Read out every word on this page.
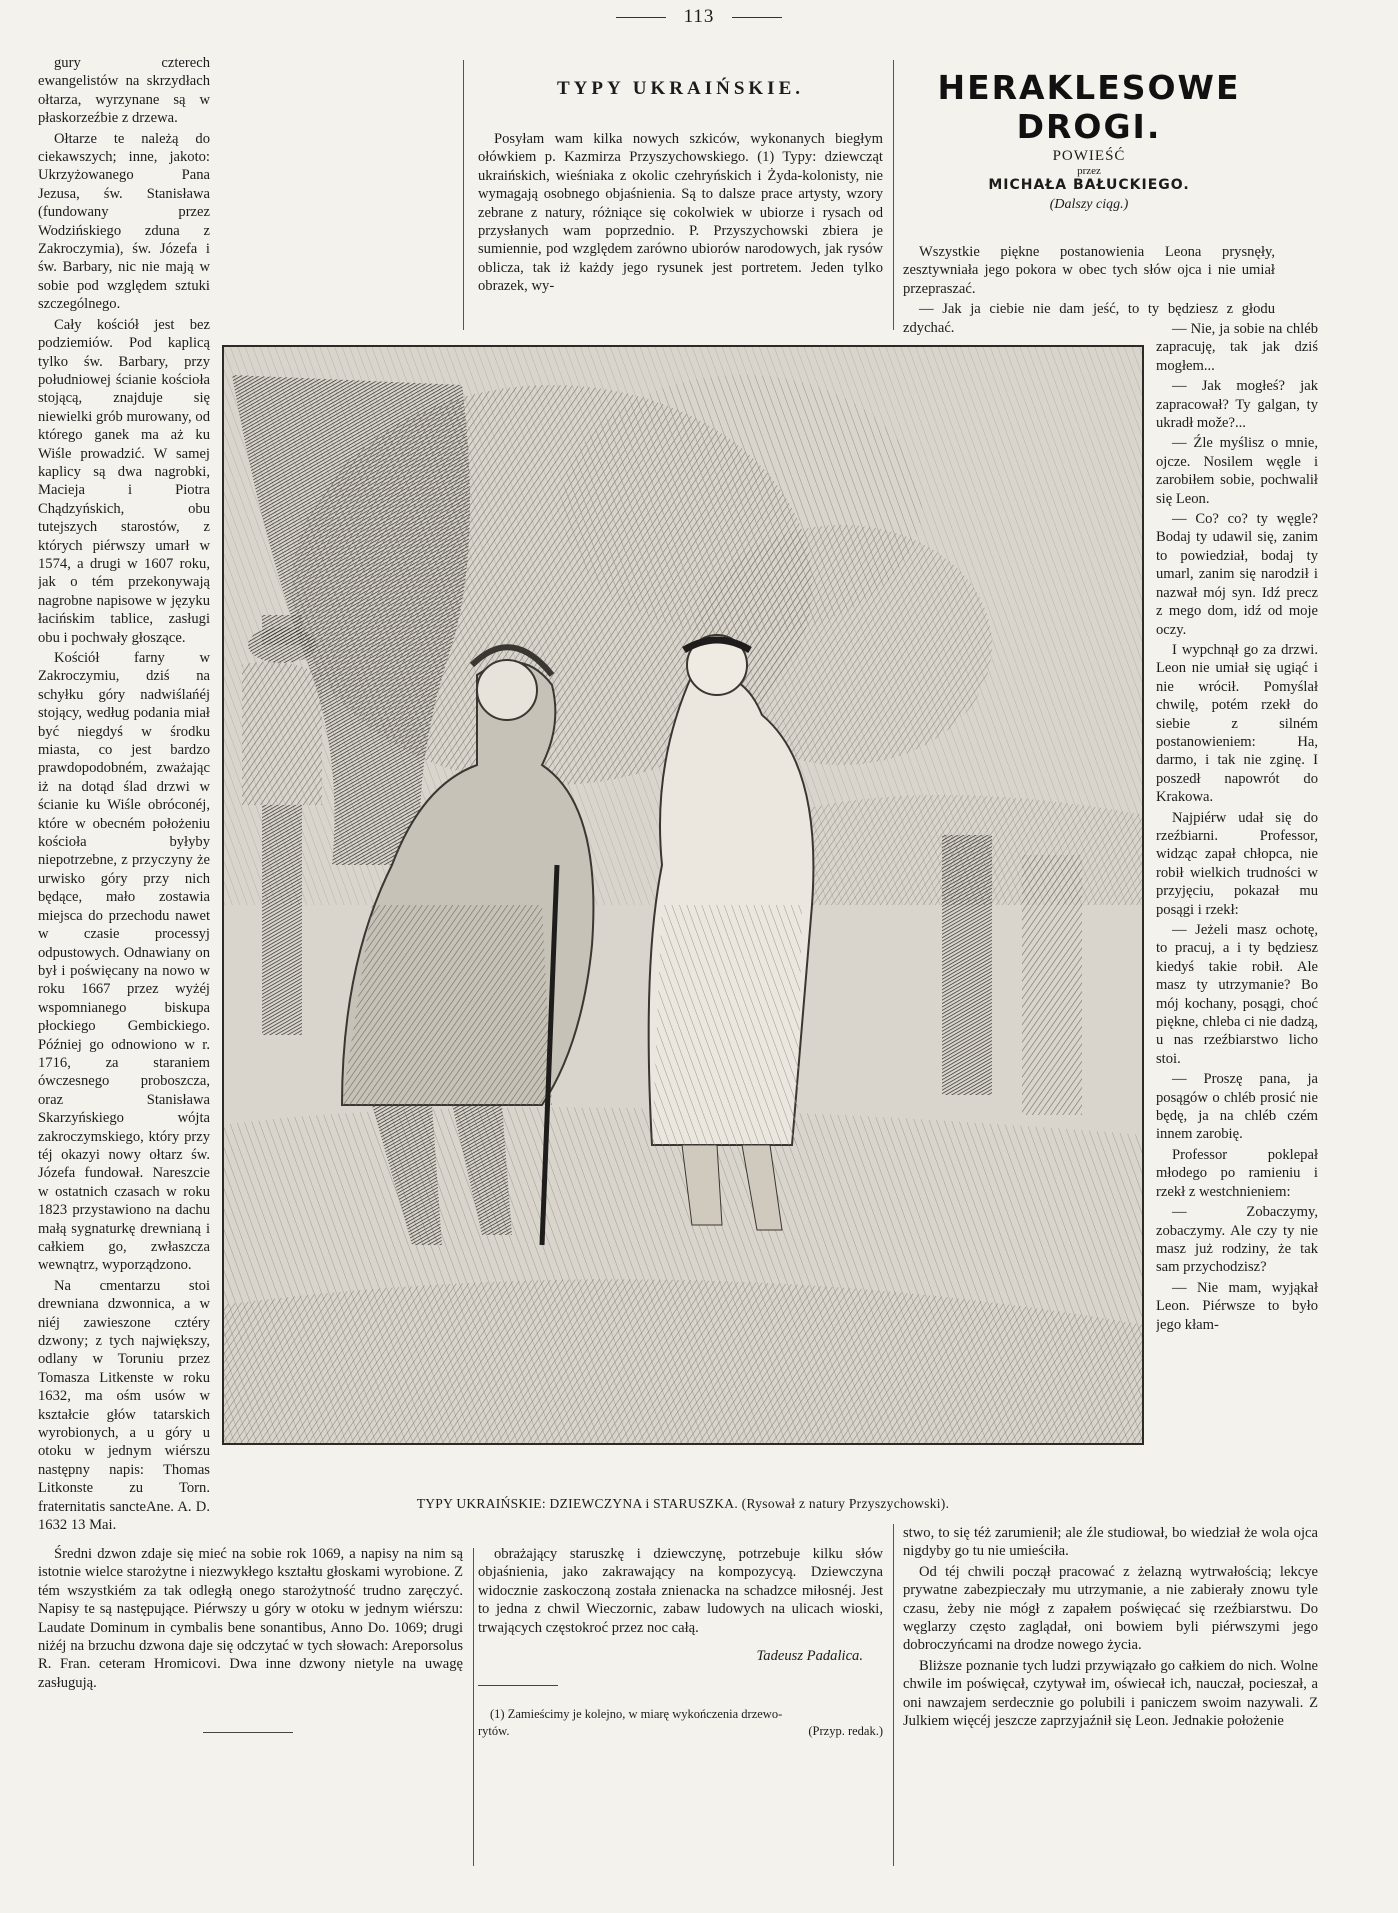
113

gury czterech ewangelistów na skrzydłach ołtarza, wyrzynane są w płaskorzeźbie z drzewa.

Ołtarze te należą do ciekawszych; inne, jakoto: Ukrzyżowanego Pana Jezusa, św. Stanisława (fundowany przez Wodzińskiego zduna z Zakroczymia), św. Józefa i św. Barbary, nic nie mają w sobie pod względem sztuki szczególnego.

Cały kościół jest bez podziemiów. Pod kaplicą tylko św. Barbary, przy południowej ścianie kościoła stojącą, znajduje się niewielki grób murowany, od którego ganek ma aż ku Wiśle prowadzić. W samej kaplicy są dwa nagrobki, Macieja i Piotra Chądzyńskich, obu tutejszych starostów, z których piérwszy umarł w 1574, a drugi w 1607 roku, jak o tém przekonywają nagrobne napisowe w języku łacińskim tablice, zasługi obu i pochwały głoszące.

Kościół farny w Zakroczymiu, dziś na schyłku góry nadwiślańéj stojący, według podania miał być niegdyś w środku miasta, co jest bardzo prawdopodobném, zważając iż na dotąd ślad drzwi w ścianie ku Wiśle obróconéj, które w obecném położeniu kościoła byłyby niepotrzebne, z przyczyny że urwisko góry przy nich będące, mało zostawia miejsca do przechodu nawet w czasie processyj odpustowych. Odnawiany on był i poświęcany na nowo w roku 1667 przez wyżéj wspomnianego biskupa płockiego Gembickiego. Później go odnowiono w r. 1716, za staraniem ówczesnego proboszcza, oraz Stanisława Skarzyńskiego wójta zakroczymskiego, który przy téj okazyi nowy ołtarz św. Józefa fundował. Nareszcie w ostatnich czasach w roku 1823 przystawiono na dachu małą sygnaturkę drewnianą i całkiem go, zwłaszcza wewnątrz, wyporządzono.

Na cmentarzu stoi drewniana dzwonnica, a w niéj zawieszone cztéry dzwony; z tych największy, odlany w Toruniu przez Tomasza Litkenste w roku 1632, ma ośm usów w kształcie głów tatarskich wyrobionych, a u góry u otoku w jednym wiérszu następny napis: Thomas Litkonste zu Torn. fraternitatis sancteAne. A. D. 1632 13 Mai.

TYPY UKRAIŃSKIE.

Posyłam wam kilka nowych szkiców, wykonanych biegłym ołówkiem p. Kazmirza Przyszychowskiego. (1) Typy: dziewcząt ukraińskich, wieśniaka z okolic czehryńskich i Żyda-kolonisty, nie wymagają osobnego objaśnienia. Są to dalsze prace artysty, wzory zebrane z natury, różniące się cokolwiek w ubiorze i rysach od przysłanych wam poprzednio. P. Przyszychowski zbiera je sumiennie, pod względem zarówno ubiorów narodowych, jak rysów oblicza, tak iż każdy jego rysunek jest portretem. Jeden tylko obrazek, wy-

HERAKLESOWE DROGI.
POWIEŚĆ
przez
MICHAŁA BAŁUCKIEGO.
(Dalszy ciąg.)

Wszystkie piękne postanowienia Leona prysnęły, zesztywniała jego pokora w obec tych słów ojca i nie umiał przepraszać.

— Jak ja ciebie nie dam jeść, to ty będziesz z głodu zdychać.	— Nie, ja sobie na chléb zapracuję, tak jak dziś mogłem...

— Jak mogłeś? jak zapracował? Ty galgan, ty ukradł može?...

— Źle myślisz o mnie, ojcze. Nosilem węgle i zarobiłem sobie, pochwalił się Leon.

— Co? co? ty węgle? Bodaj ty udawil się, zanim to powiedział, bodaj ty umarl, zanim się narodził i nazwał mój syn. Idź precz z mego dom, idź od moje oczy.

I wypchnął go za drzwi. Leon nie umiał się ugiąć i nie wrócił. Pomyślał chwilę, potém rzekł do siebie z silném postanowieniem: Ha, darmo, i tak nie zginę. I poszedł napowrót do Krakowa.

Najpiérw udał się do rzeźbiarni. Professor, widząc zapał chłopca, nie robił wielkich trudności w przyjęciu, pokazał mu posągi i rzekł:

— Jeżeli masz ochotę, to pracuj, a i ty będziesz kiedyś takie robił. Ale masz ty utrzymanie? Bo mój kochany, posągi, choć piękne, chleba ci nie dadzą, u nas rzeźbiarstwo licho stoi.

— Proszę pana, ja posągów o chléb prosić nie będę, ja na chléb czém innem zarobię.

Professor poklepał młodego po ramieniu i rzekł z westchnieniem:

— Zobaczymy, zobaczymy. Ale czy ty nie masz już rodziny, że tak sam przychodzisz?

— Nie mam, wyjąkał Leon. Piérwsze to było jego kłam-

TYPY UKRAIŃSKIE: DZIEWCZYNA i STARUSZKA. (Rysował z natury Przyszychowski).

Średni dzwon zdaje się mieć na sobie rok 1069, a napisy na nim są istotnie wielce starożytne i niezwykłego kształtu głoskami wyrobione. Z tém wszystkiém za tak odległą onego starożytność trudno zaręczyć. Napisy te są następujące. Piérwszy u góry w otoku w jednym wiérszu: Laudate Dominum in cymbalis bene sonantibus, Anno Do. 1069; drugi niżéj na brzuchu dzwona daje się odczytać w tych słowach: Areporsolus R. Fran. ceteram Hromicovi. Dwa inne dzwony nietyle na uwagę zasługują.

obrażający staruszkę i dziewczynę, potrzebuje kilku słów objaśnienia, jako zakrawający na kompozycyą. Dziewczyna widocznie zaskoczoną została znienacka na schadzce miłosnéj. Jest to jedna z chwil Wieczornic, zabaw ludowych na ulicach wioski, trwających częstokroć przez noc całą.

Tadeusz Padalica.
(1) Zamieścimy je kolejno, w miarę wykończenia drzewo-
rytów.	(Przyp. redak.)

stwo, to się téż zarumienił; ale źle studiował, bo wiedział że wola ojca nigdyby go tu nie umieściła.

Od téj chwili począł pracować z żelazną wytrwałością; lekcye prywatne zabezpieczały mu utrzymanie, a nie zabierały znowu tyle czasu, żeby nie mógł z zapałem poświęcać się rzeźbiarstwu. Do węglarzy często zaglądał, oni bowiem byli piérwszymi jego dobroczyńcami na drodze nowego życia.

Bliższe poznanie tych ludzi przywiązało go całkiem do nich. Wolne chwile im poświęcał, czytywał im, oświecał ich, nauczał, pocieszał, a oni nawzajem serdecznie go polubili i paniczem swoim nazywali. Z Julkiem więcéj jeszcze zaprzyjaźnił się Leon. Jednakie położenie
